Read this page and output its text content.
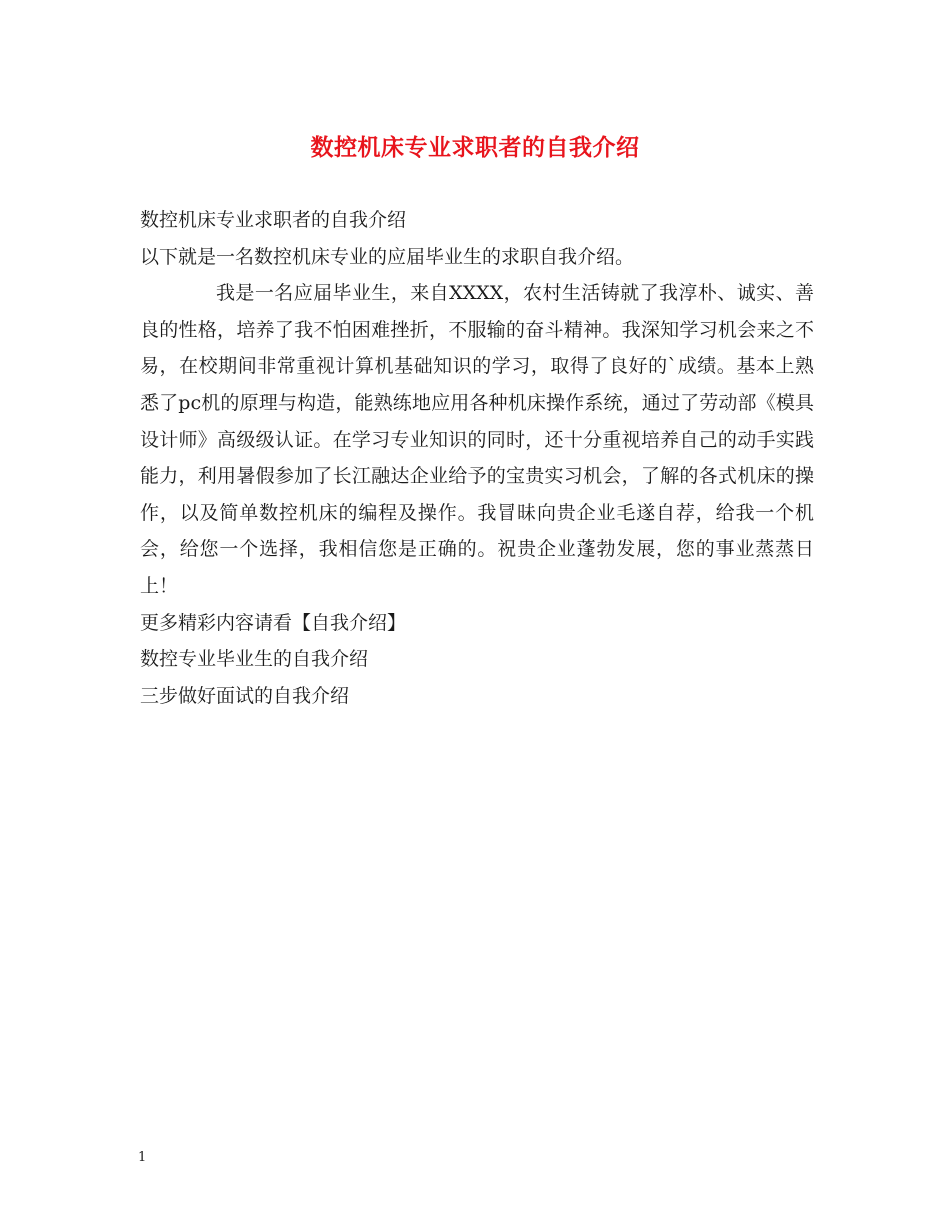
数控机床专业求职者的自我介绍

数控机床专业求职者的自我介绍

以下就是一名数控机床专业的应届毕业生的求职自我介绍。

我是一名应届毕业生，来自XXXX，农村生活铸就了我淳朴、诚实、善良的性格，培养了我不怕困难挫折，不服输的奋斗精神。我深知学习机会来之不易，在校期间非常重视计算机基础知识的学习，取得了良好的`成绩。基本上熟悉了pc机的原理与构造，能熟练地应用各种机床操作系统，通过了劳动部《模具设计师》高级级认证。在学习专业知识的同时，还十分重视培养自己的动手实践能力，利用暑假参加了长江融达企业给予的宝贵实习机会，了解的各式机床的操作，以及简单数控机床的编程及操作。我冒昧向贵企业毛遂自荐，给我一个机会，给您一个选择，我相信您是正确的。祝贵企业蓬勃发展，您的事业蒸蒸日上！

更多精彩内容请看【自我介绍】

数控专业毕业生的自我介绍

三步做好面试的自我介绍

1
